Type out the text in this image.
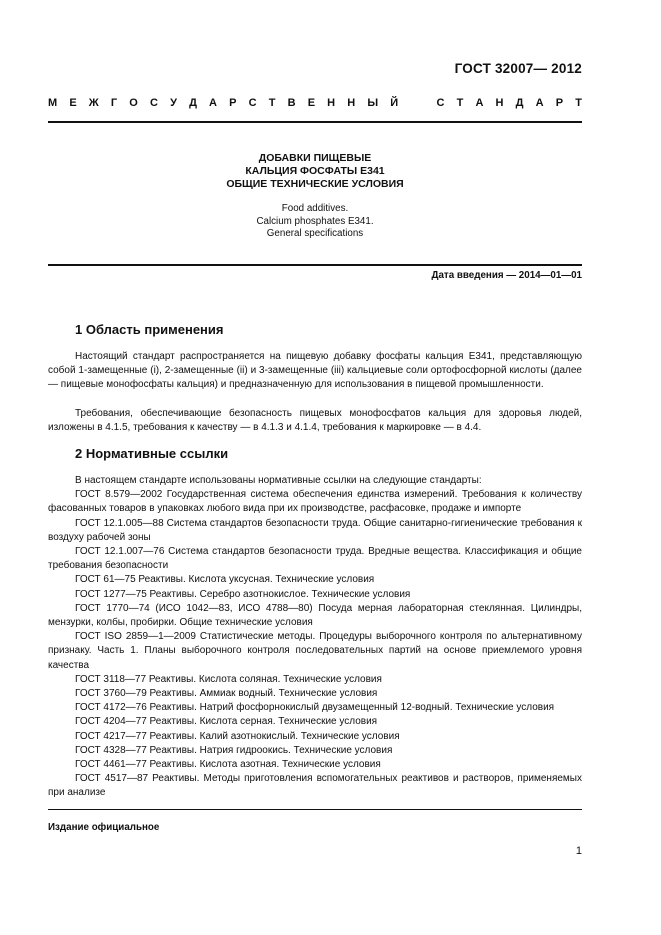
ГОСТ 32007— 2012
М Е Ж Г О С У Д А Р С Т В Е Н Н Ы Й	С Т А Н Д А Р Т
ДОБАВКИ ПИЩЕВЫЕ
КАЛЬЦИЯ ФОСФАТЫ Е341
ОБЩИЕ ТЕХНИЧЕСКИЕ УСЛОВИЯ
Food additives.
Calcium phosphates E341.
General specifications
Дата введения — 2014—01—01
1 Область применения

Настоящий стандарт распространяется на пищевую добавку фосфаты кальция Е341, представляющую собой 1-замещенные (i), 2-замещенные (ii) и 3-замещенные (iii) кальциевые соли ортофосфорной кислоты (далее — пищевые монофосфаты кальция) и предназначенную для использования в пищевой промышленности.

Требования, обеспечивающие безопасность пищевых монофосфатов кальция для здоровья людей, изложены в 4.1.5, требования к качеству — в 4.1.3 и 4.1.4, требования к маркировке — в 4.4.

2 Нормативные ссылки

В настоящем стандарте использованы нормативные ссылки на следующие стандарты:

ГОСТ 8.579—2002 Государственная система обеспечения единства измерений. Требования к количеству фасованных товаров в упаковках любого вида при их производстве, расфасовке, продаже и импорте

ГОСТ 12.1.005—88 Система стандартов безопасности труда. Общие санитарно-гигиенические требования к воздуху рабочей зоны

ГОСТ 12.1.007—76 Система стандартов безопасности труда. Вредные вещества. Классификация и общие требования безопасности

ГОСТ 61—75 Реактивы. Кислота уксусная. Технические условия

ГОСТ 1277—75 Реактивы. Серебро азотнокислое. Технические условия

ГОСТ 1770—74 (ИСО 1042—83, ИСО 4788—80) Посуда мерная лабораторная стеклянная. Цилиндры, мензурки, колбы, пробирки. Общие технические условия

ГОСТ ISO 2859—1—2009 Статистические методы. Процедуры выборочного контроля по альтернативному признаку. Часть 1. Планы выборочного контроля последовательных партий на основе приемлемого уровня качества

ГОСТ 3118—77 Реактивы. Кислота соляная. Технические условия

ГОСТ 3760—79 Реактивы. Аммиак водный. Технические условия

ГОСТ 4172—76 Реактивы. Натрий фосфорнокислый двузамещенный 12-водный. Технические условия

ГОСТ 4204—77 Реактивы. Кислота серная. Технические условия

ГОСТ 4217—77 Реактивы. Калий азотнокислый. Технические условия

ГОСТ 4328—77 Реактивы. Натрия гидроокись. Технические условия

ГОСТ 4461—77 Реактивы. Кислота азотная. Технические условия

ГОСТ 4517—87 Реактивы. Методы приготовления вспомогательных реактивов и растворов, применяемых при анализе

Издание официальное
1
